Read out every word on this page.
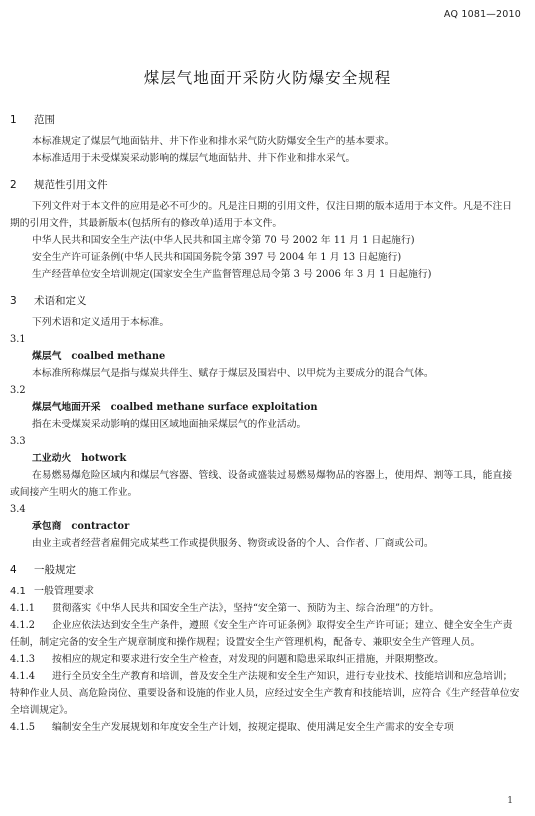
AQ 1081—2010
煤层气地面开采防火防爆安全规程

1 范围

本标准规定了煤层气地面钻井、井下作业和排水采气防火防爆安全生产的基本要求。

本标准适用于未受煤炭采动影响的煤层气地面钻井、井下作业和排水采气。

2 规范性引用文件

下列文件对于本文件的应用是必不可少的。凡是注日期的引用文件，仅注日期的版本适用于本文件。凡是不注日期的引用文件，其最新版本(包括所有的修改单)适用于本文件。

中华人民共和国安全生产法(中华人民共和国主席令第 70 号 2002 年 11 月 1 日起施行)

安全生产许可证条例(中华人民共和国国务院令第 397 号 2004 年 1 月 13 日起施行)

生产经营单位安全培训规定(国家安全生产监督管理总局令第 3 号 2006 年 3 月 1 日起施行)

3 术语和定义

下列术语和定义适用于本标准。

3.1

煤层气 coalbed methane

本标准所称煤层气是指与煤炭共伴生、赋存于煤层及围岩中、以甲烷为主要成分的混合气体。

3.2

煤层气地面开采 coalbed methane surface exploitation

指在未受煤炭采动影响的煤田区域地面抽采煤层气的作业活动。

3.3

工业动火 hotwork

在易燃易爆危险区域内和煤层气容器、管线、设备或盛装过易燃易爆物品的容器上，使用焊、割等工具，能直接或间接产生明火的施工作业。

3.4

承包商 contractor

由业主或者经营者雇佣完成某些工作或提供服务、物资或设备的个人、合作者、厂商或公司。

4 一般规定

4.1 一般管理要求

4.1.1 贯彻落实《中华人民共和国安全生产法》，坚持“安全第一、预防为主、综合治理”的方针。

4.1.2 企业应依法达到安全生产条件，遵照《安全生产许可证条例》取得安全生产许可证；建立、健全安全生产责任制，制定完备的安全生产规章制度和操作规程；设置安全生产管理机构，配备专、兼职安全生产管理人员。

4.1.3 按相应的规定和要求进行安全生产检查，对发现的问题和隐患采取纠正措施，并限期整改。

4.1.4 进行全员安全生产教育和培训，普及安全生产法规和安全生产知识，进行专业技术、技能培训和应急培训；特种作业人员、高危险岗位、重要设备和设施的作业人员，应经过安全生产教育和技能培训，应符合《生产经营单位安全培训规定》。

4.1.5 编制安全生产发展规划和年度安全生产计划，按规定提取、使用满足安全生产需求的安全专项

1
